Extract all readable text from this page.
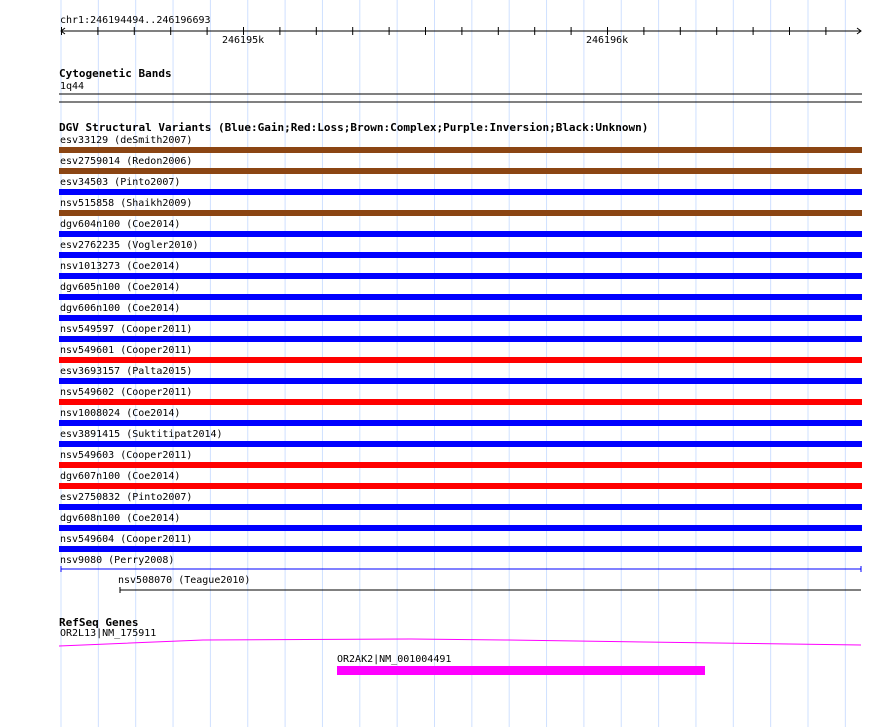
chr1:246194494..246196693
246195k	246196k
Cytogenetic Bands
1q44
DGV Structural Variants (Blue:Gain;Red:Loss;Brown:Complex;Purple:Inversion;Black:Unknown)
esv33129 (deSmith2007)
esv2759014 (Redon2006)
esv34503 (Pinto2007)
nsv515858 (Shaikh2009)
dgv604n100 (Coe2014)
esv2762235 (Vogler2010)
nsv1013273 (Coe2014)
dgv605n100 (Coe2014)
dgv606n100 (Coe2014)
nsv549597 (Cooper2011)
nsv549601 (Cooper2011)
esv3693157 (Palta2015)
nsv549602 (Cooper2011)
nsv1008024 (Coe2014)
esv3891415 (Suktitipat2014)
nsv549603 (Cooper2011)
dgv607n100 (Coe2014)
esv2750832 (Pinto2007)
dgv608n100 (Coe2014)
nsv549604 (Cooper2011)
nsv9080 (Perry2008)
nsv508070 (Teague2010)
RefSeq Genes
OR2L13|NM_175911
OR2AK2|NM_001004491
